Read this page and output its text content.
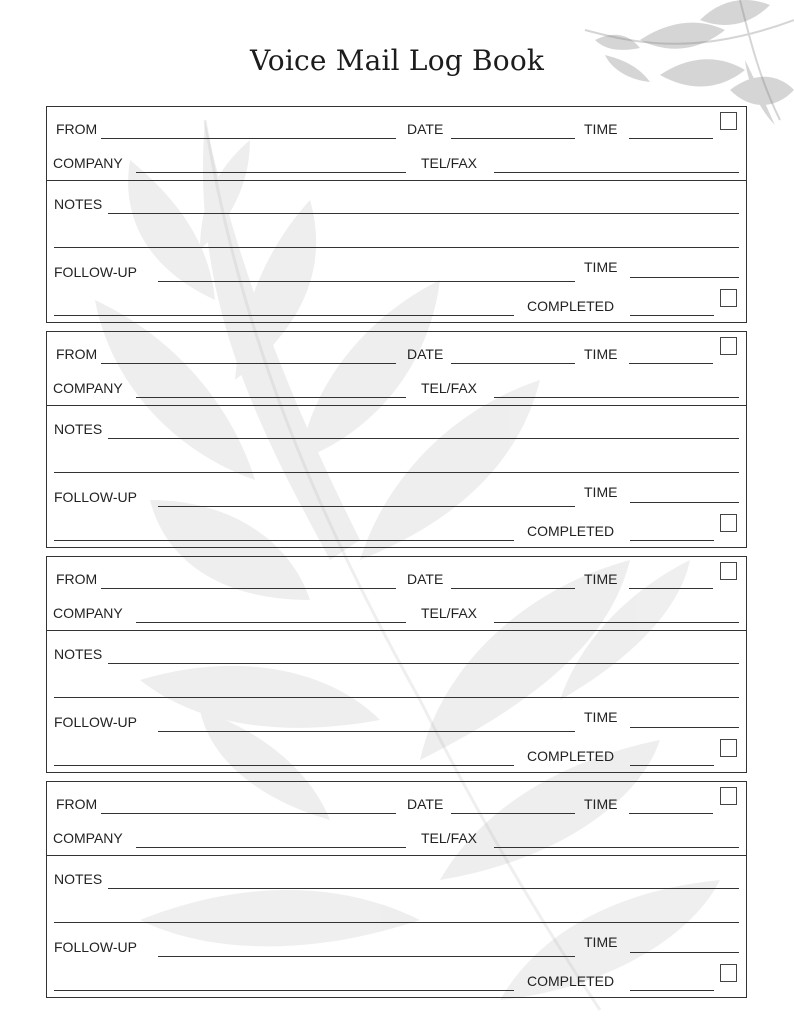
Voice Mail Log Book
FROM	DATE	TIME
COMPANY	TEL/FAX
NOTES
FOLLOW-UP	TIME
COMPLETED
FROM	DATE	TIME
COMPANY	TEL/FAX
NOTES
FOLLOW-UP	TIME
COMPLETED
FROM	DATE	TIME
COMPANY	TEL/FAX
NOTES
FOLLOW-UP	TIME
COMPLETED
FROM	DATE	TIME
COMPANY	TEL/FAX
NOTES
FOLLOW-UP	TIME
COMPLETED
